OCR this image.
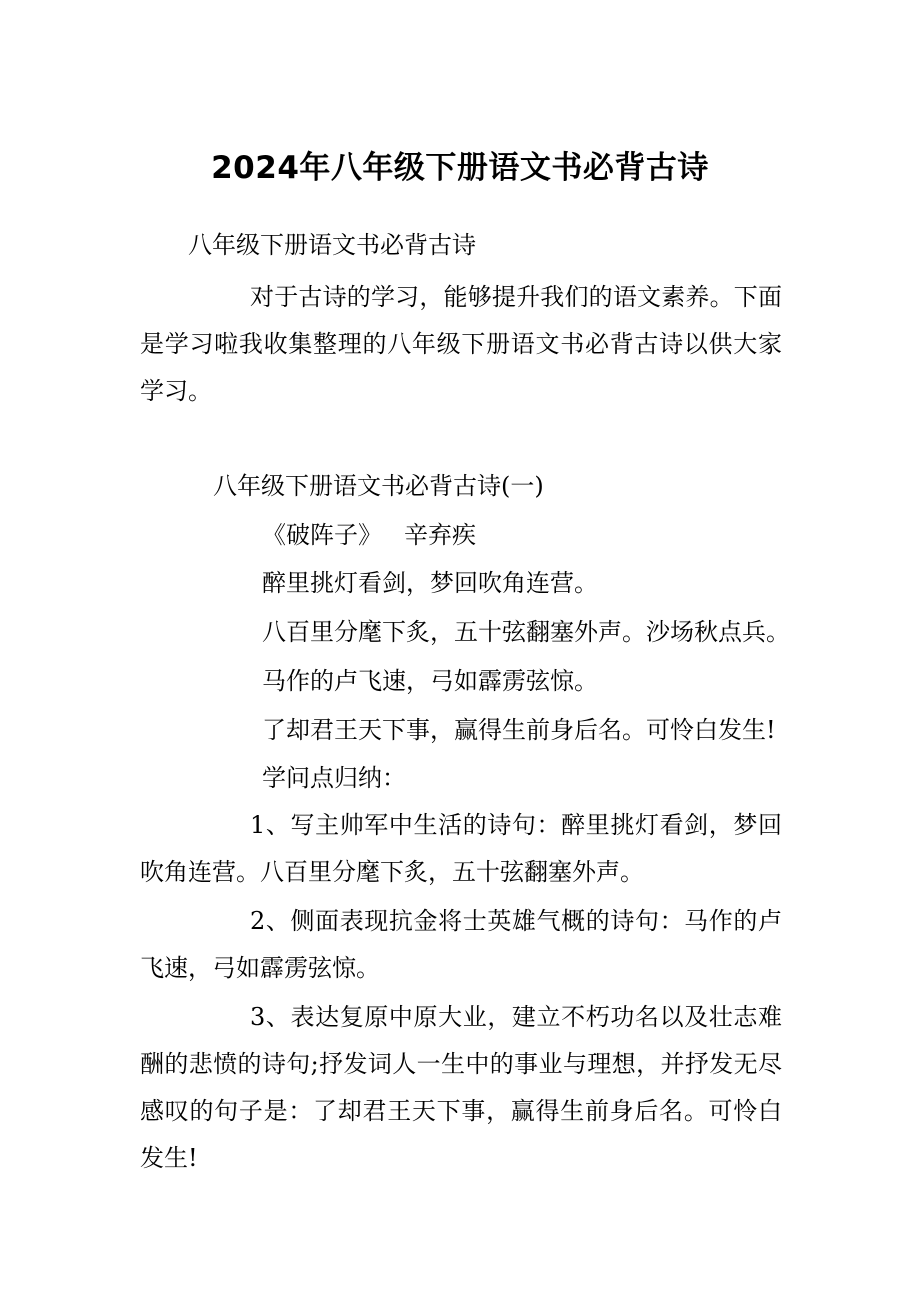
2024年八年级下册语文书必背古诗
八年级下册语文书必背古诗
对于古诗的学习，能够提升我们的语文素养。下面是学习啦我收集整理的八年级下册语文书必背古诗以供大家学习。
八年级下册语文书必背古诗(一)
《破阵子》 辛弃疾
醉里挑灯看剑，梦回吹角连营。
八百里分麾下炙，五十弦翻塞外声。沙场秋点兵。
马作的卢飞速，弓如霹雳弦惊。
了却君王天下事，赢得生前身后名。可怜白发生!
学问点归纳：
1、写主帅军中生活的诗句：醉里挑灯看剑，梦回吹角连营。八百里分麾下炙，五十弦翻塞外声。
2、侧面表现抗金将士英雄气概的诗句：马作的卢飞速，弓如霹雳弦惊。
3、表达复原中原大业，建立不朽功名以及壮志难酬的悲愤的诗句;抒发词人一生中的事业与理想，并抒发无尽感叹的句子是：了却君王天下事，赢得生前身后名。可怜白发生!
